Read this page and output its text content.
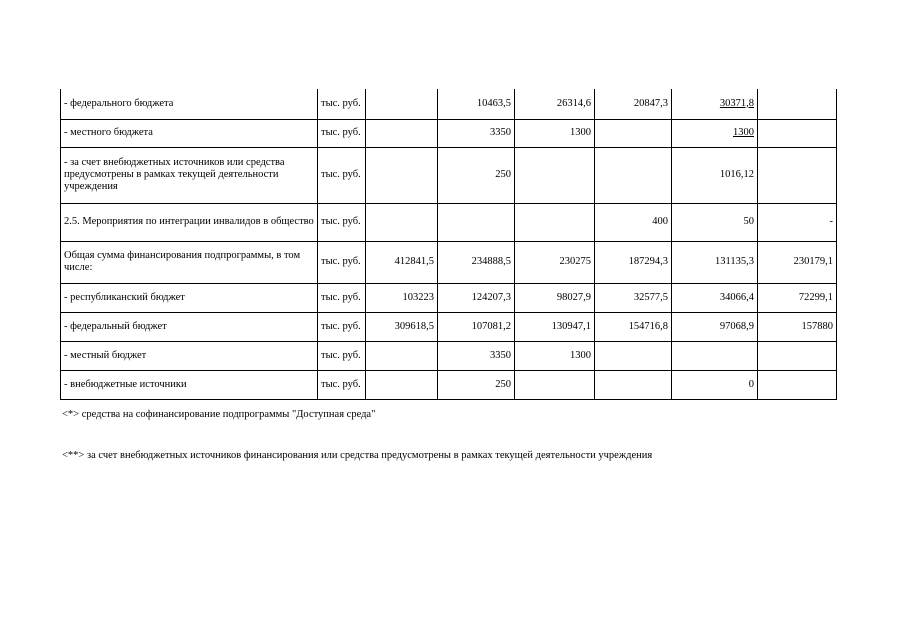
- федерального бюджета	тыс. руб.		10463,5	26314,6	20847,3	30371,8	
- местного бюджета	тыс. руб.		3350	1300		1300	
- за счет внебюджетных источников или средства предусмотрены в рамках текущей деятельности учреждения	тыс. руб.		250			1016,12	
2.5. Мероприятия по интеграции инвалидов в общество	тыс. руб.				400	50	-
Общая сумма финансирования подпрограммы, в том числе:	тыс. руб.	412841,5	234888,5	230275	187294,3	131135,3	230179,1
- республиканский бюджет	тыс. руб.	103223	124207,3	98027,9	32577,5	34066,4	72299,1
- федеральный бюджет	тыс. руб.	309618,5	107081,2	130947,1	154716,8	97068,9	157880
- местный бюджет	тыс. руб.		3350	1300			
- внебюджетные источники	тыс. руб.		250			0	

<*> средства на софинансирование подпрограммы "Доступная среда"

<**> за счет внебюджетных источников финансирования или средства предусмотрены в рамках текущей деятельности учреждения
